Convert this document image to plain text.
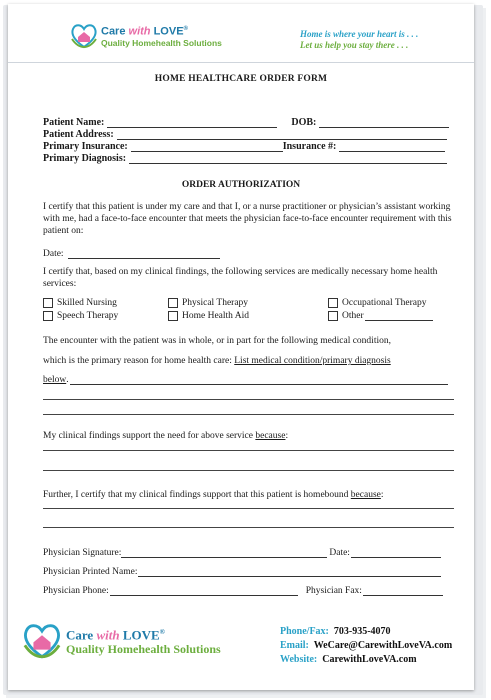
Care with LOVE®
Quality Homehealth Solutions
Home is where your heart is . . .
Let us help you stay there . . .
HOME HEALTHCARE ORDER FORM
Patient Name:	DOB:
Patient Address:
Primary Insurance:	Insurance #:
Primary Diagnosis:
ORDER AUTHORIZATION
I certify that this patient is under my care and that I, or a nurse practitioner or physician’s assistant working with me, had a face-to-face encounter that meets the physician face-to-face encounter requirement with this patient on:
Date:
I certify that, based on my clinical findings, the following services are medically necessary home health services:
Skilled Nursing	Physical Therapy	Occupational Therapy
Speech Therapy	Home Health Aid	Other
The encounter with the patient was in whole, or in part for the following medical condition,
which is the primary reason for home health care: List medical condition/primary diagnosis
below .
My clinical findings support the need for above service because:
Further, I certify that my clinical findings support that this patient is homebound because:
Physician Signature:	Date:
Physician Printed Name:
Physician Phone:	Physician Fax:
Care with LOVE®
Quality Homehealth Solutions
Phone/Fax: 703-935-4070
Email: WeCare@CarewithLoveVA.com
Website: CarewithLoveVA.com
